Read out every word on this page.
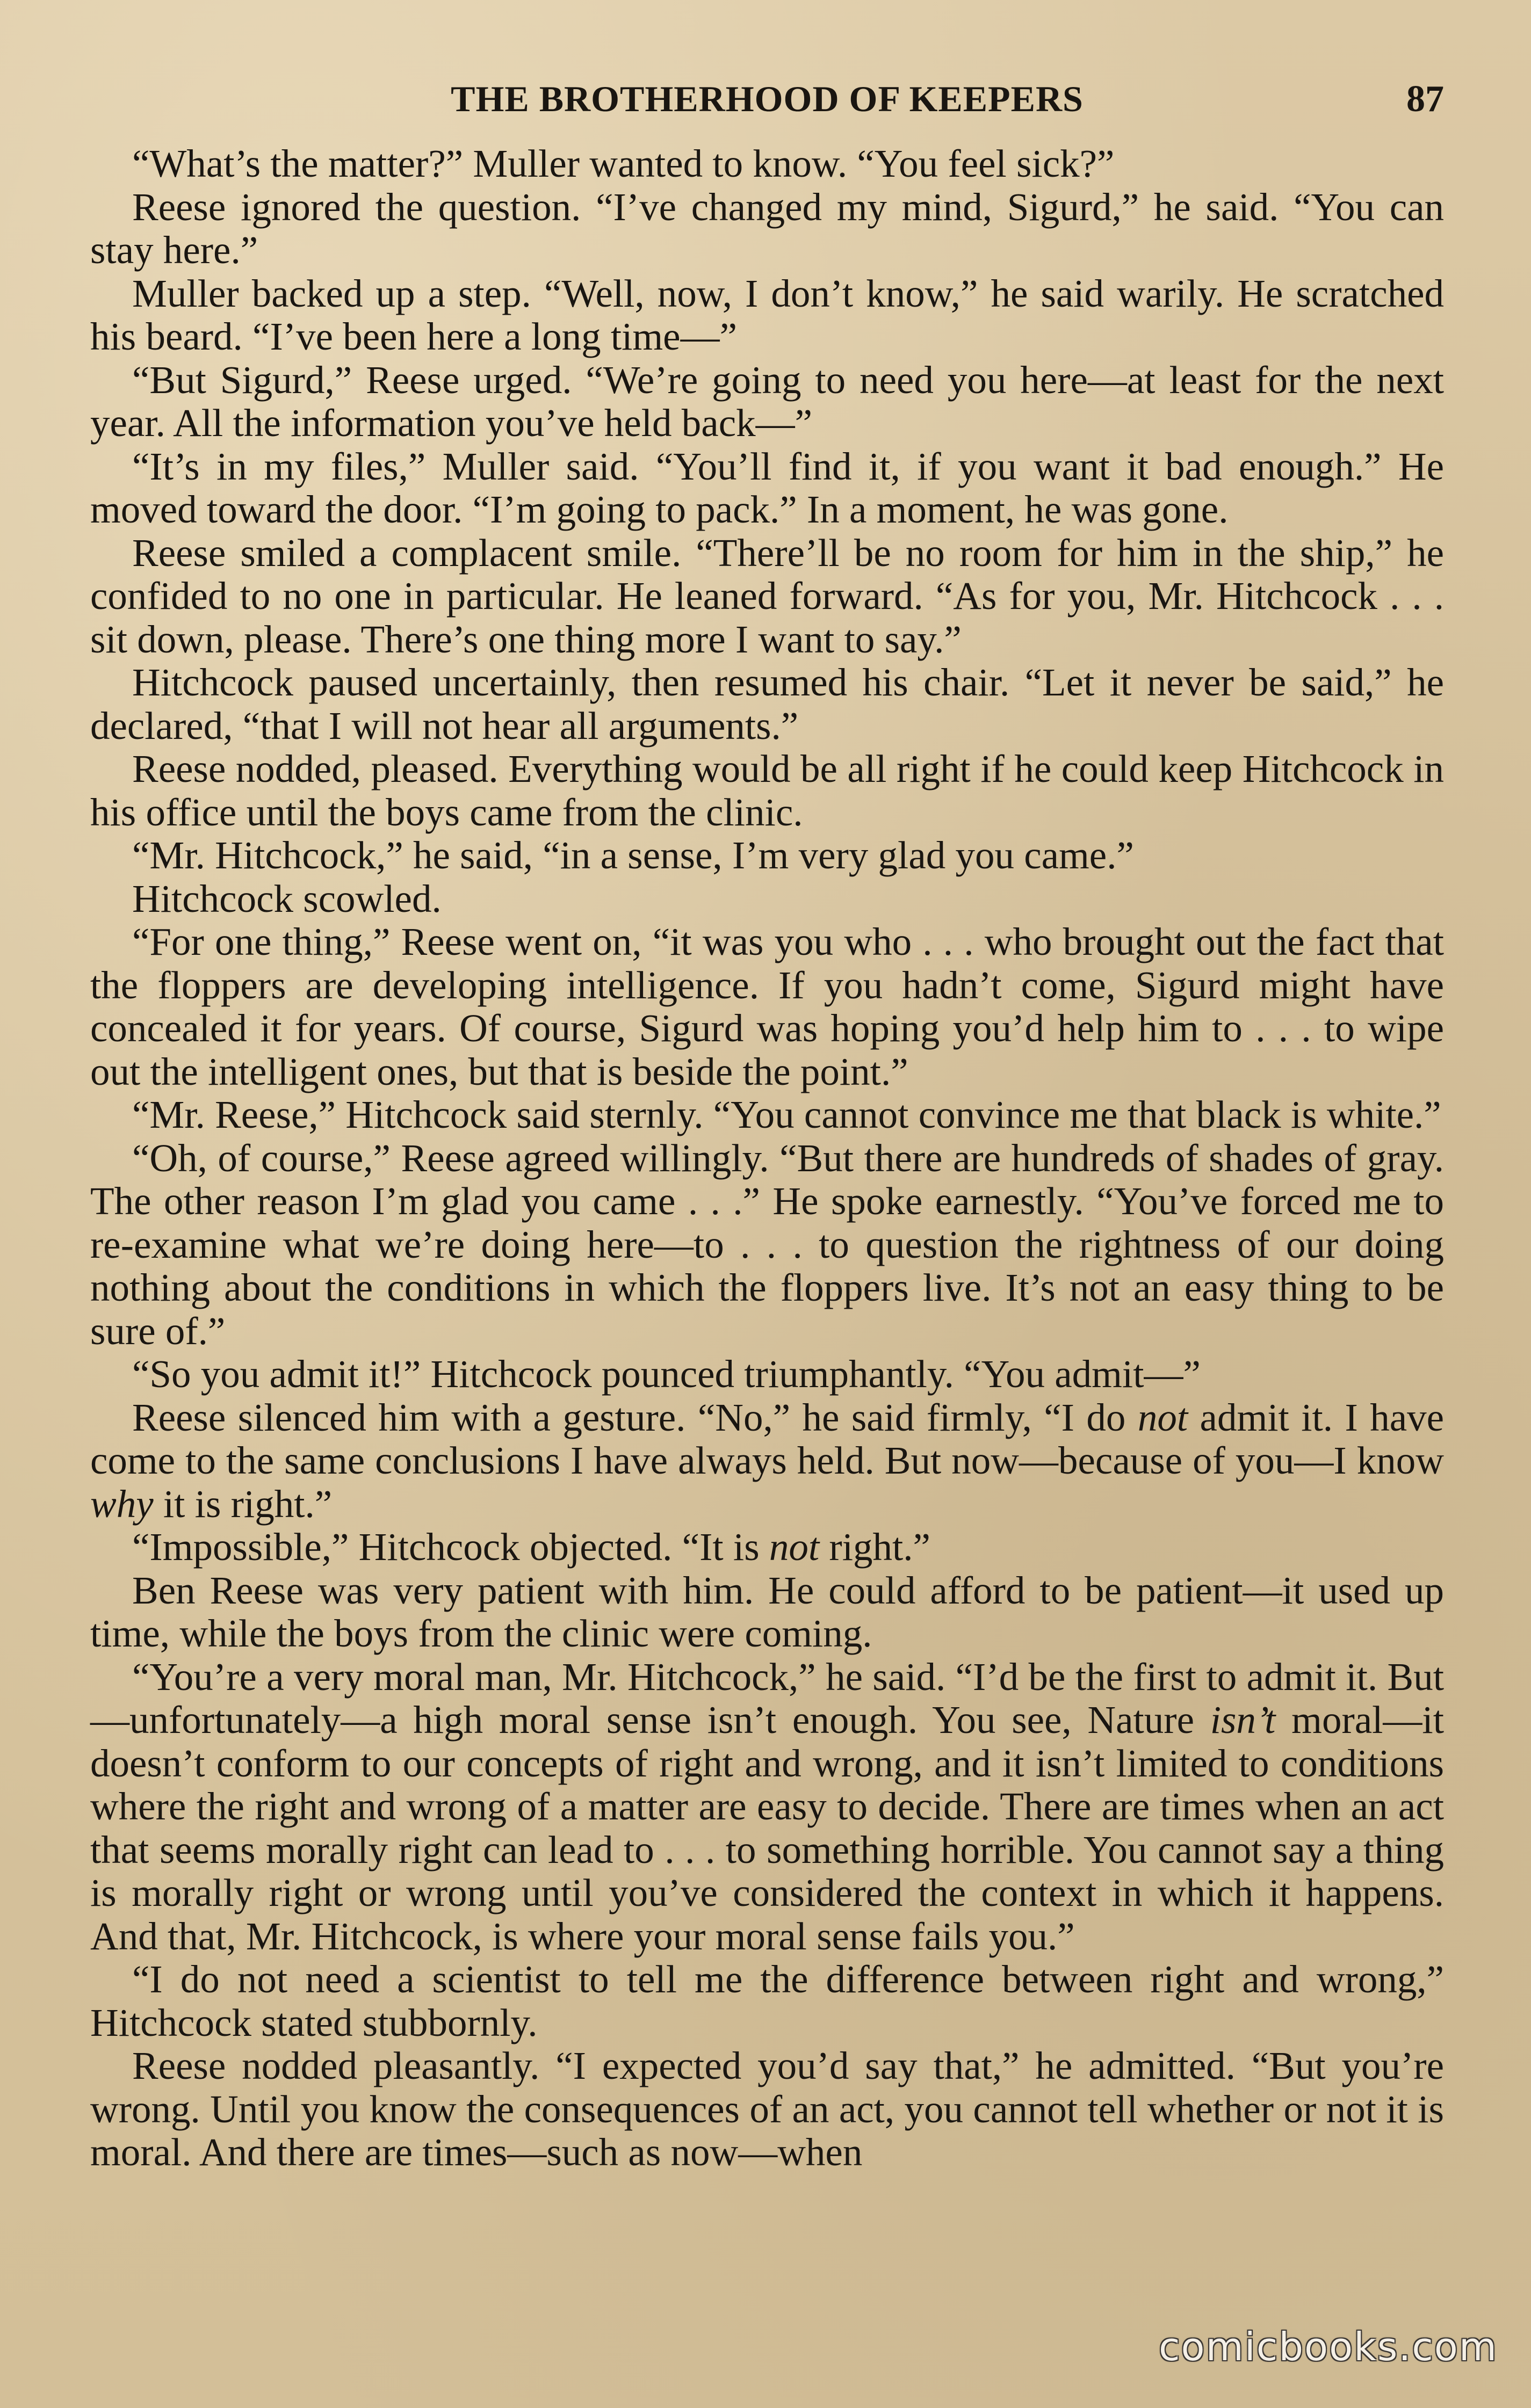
THE BROTHERHOOD OF KEEPERS	87

“What’s the matter?” Muller wanted to know. “You feel sick?”

Reese ignored the question. “I’ve changed my mind, Sigurd,” he said. “You can stay here.”

Muller backed up a step. “Well, now, I don’t know,” he said warily. He scratched his beard. “I’ve been here a long time—”

“But Sigurd,” Reese urged. “We’re going to need you here—at least for the next year. All the information you’ve held back—”

“It’s in my files,” Muller said. “You’ll find it, if you want it bad enough.” He moved toward the door. “I’m going to pack.” In a moment, he was gone.

Reese smiled a complacent smile. “There’ll be no room for him in the ship,” he confided to no one in particular. He leaned forward. “As for you, Mr. Hitchcock . . . sit down, please. There’s one thing more I want to say.”

Hitchcock paused uncertainly, then resumed his chair. “Let it never be said,” he declared, “that I will not hear all arguments.”

Reese nodded, pleased. Everything would be all right if he could keep Hitchcock in his office until the boys came from the clinic.

“Mr. Hitchcock,” he said, “in a sense, I’m very glad you came.”

Hitchcock scowled.

“For one thing,” Reese went on, “it was you who . . . who brought out the fact that the floppers are developing intelligence. If you hadn’t come, Sigurd might have concealed it for years. Of course, Sigurd was hoping you’d help him to . . . to wipe out the intelligent ones, but that is beside the point.”

“Mr. Reese,” Hitchcock said sternly. “You cannot convince me that black is white.”

“Oh, of course,” Reese agreed willingly. “But there are hundreds of shades of gray. The other reason I’m glad you came . . .” He spoke earnestly. “You’ve forced me to re-examine what we’re doing here—to . . . to question the rightness of our doing nothing about the conditions in which the floppers live. It’s not an easy thing to be sure of.”

“So you admit it!” Hitchcock pounced triumphantly. “You admit—”

Reese silenced him with a gesture. “No,” he said firmly, “I do not admit it. I have come to the same conclusions I have always held. But now—because of you—I know why it is right.”

“Impossible,” Hitchcock objected. “It is not right.”

Ben Reese was very patient with him. He could afford to be patient—it used up time, while the boys from the clinic were coming.

“You’re a very moral man, Mr. Hitchcock,” he said. “I’d be the first to admit it. But—unfortunately—a high moral sense isn’t enough. You see, Nature isn’t moral—it doesn’t conform to our concepts of right and wrong, and it isn’t limited to conditions where the right and wrong of a matter are easy to decide. There are times when an act that seems morally right can lead to . . . to something horrible. You cannot say a thing is morally right or wrong until you’ve considered the context in which it happens. And that, Mr. Hitchcock, is where your moral sense fails you.”

“I do not need a scientist to tell me the difference between right and wrong,” Hitchcock stated stubbornly.

Reese nodded pleasantly. “I expected you’d say that,” he admitted. “But you’re wrong. Until you know the consequences of an act, you cannot tell whether or not it is moral. And there are times—such as now—when

comicbooks.com
